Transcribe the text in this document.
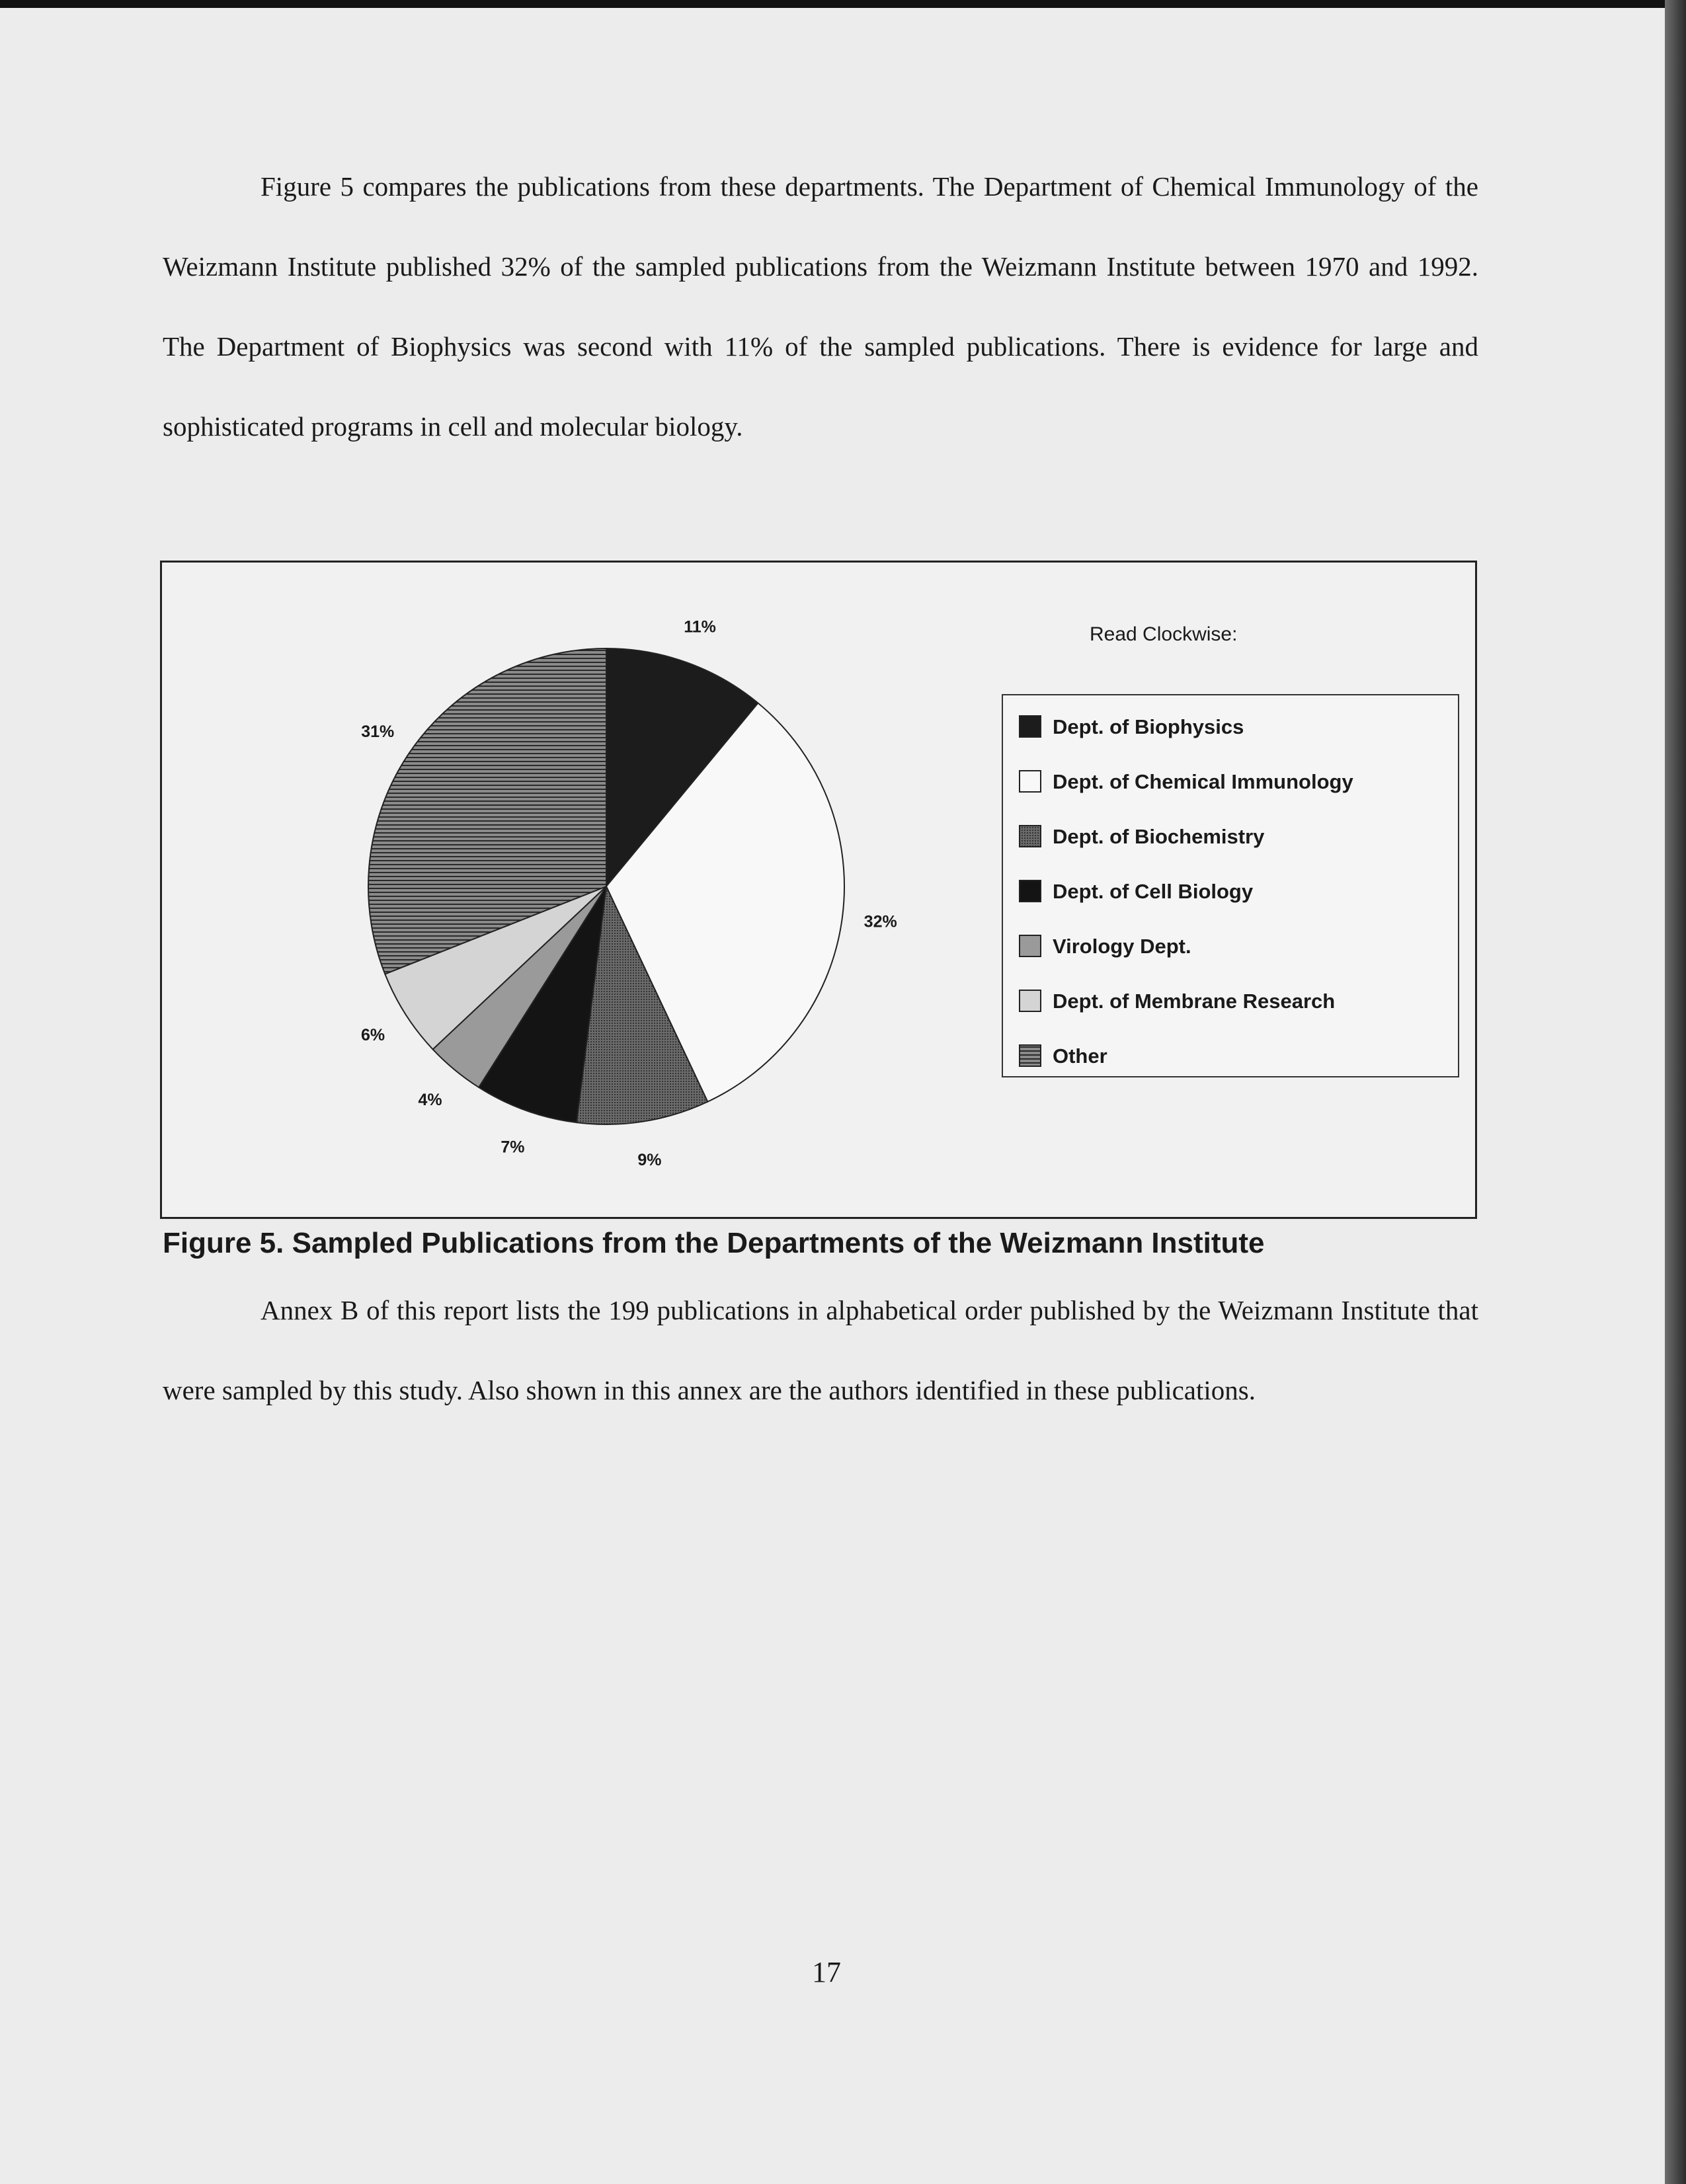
Figure 5 compares the publications from these departments. The Department of Chemical Immunology of the Weizmann Institute published 32% of the sampled publications from the Weizmann Institute between 1970 and 1992. The Department of Biophysics was second with 11% of the sampled publications. There is evidence for large and sophisticated programs in cell and molecular biology.

11%
32%
9%
7%
4%
6%
31%
Read Clockwise:
Dept. of Biophysics
Dept. of Chemical Immunology
Dept. of Biochemistry
Dept. of Cell Biology
Virology Dept.
Dept. of Membrane Research
Other

Figure 5. Sampled Publications from the Departments of the Weizmann Institute

Annex B of this report lists the 199 publications in alphabetical order published by the Weizmann Institute that were sampled by this study. Also shown in this annex are the authors identified in these publications.

17
